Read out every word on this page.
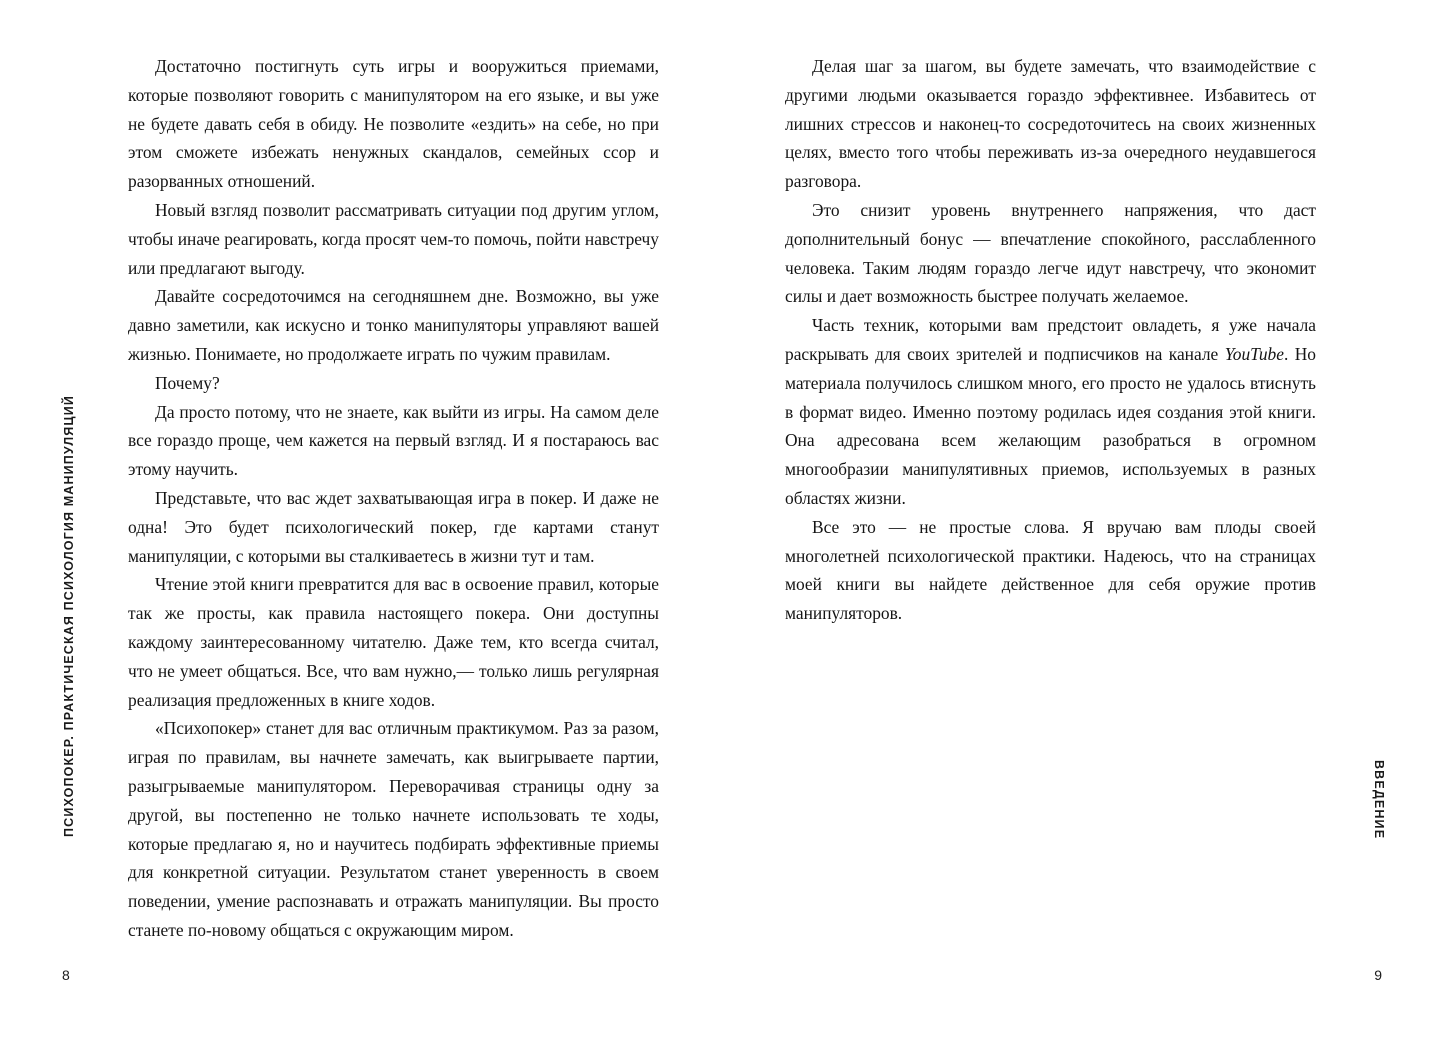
ПСИХОПОКЕР. ПРАКТИЧЕСКАЯ ПСИХОЛОГИЯ МАНИПУЛЯЦИЙ

Достаточно постигнуть суть игры и вооружиться приемами, которые позволяют говорить с манипулятором на его языке, и вы уже не будете давать себя в обиду. Не позволите «ездить» на себе, но при этом сможете избежать ненужных скандалов, семейных ссор и разорванных отношений.

Новый взгляд позволит рассматривать ситуации под другим углом, чтобы иначе реагировать, когда просят чем-то помочь, пойти навстречу или предлагают выгоду.

Давайте сосредоточимся на сегодняшнем дне. Возможно, вы уже давно заметили, как искусно и тонко манипуляторы управляют вашей жизнью. Понимаете, но продолжаете играть по чужим правилам.

Почему?

Да просто потому, что не знаете, как выйти из игры. На самом деле все гораздо проще, чем кажется на первый взгляд. И я постараюсь вас этому научить.

Представьте, что вас ждет захватывающая игра в покер. И даже не одна! Это будет психологический покер, где картами станут манипуляции, с которыми вы сталкиваетесь в жизни тут и там.

Чтение этой книги превратится для вас в освоение правил, которые так же просты, как правила настоящего покера. Они доступны каждому заинтересованному читателю. Даже тем, кто всегда считал, что не умеет общаться. Все, что вам нужно,— только лишь регулярная реализация предложенных в книге ходов.

«Психопокер» станет для вас отличным практикумом. Раз за разом, играя по правилам, вы начнете замечать, как выигрываете партии, разыгрываемые манипулятором. Переворачивая страницы одну за другой, вы постепенно не только начнете использовать те ходы, которые предлагаю я, но и научитесь подбирать эффективные приемы для конкретной ситуации. Результатом станет уверенность в своем поведении, умение распознавать и отражать манипуляции. Вы просто станете по-новому общаться с окружающим миром.

8
ВВЕДЕНИЕ

Делая шаг за шагом, вы будете замечать, что взаимодействие с другими людьми оказывается гораздо эффективнее. Избавитесь от лишних стрессов и наконец-то сосредоточитесь на своих жизненных целях, вместо того чтобы переживать из-за очередного неудавшегося разговора.

Это снизит уровень внутреннего напряжения, что даст дополнительный бонус — впечатление спокойного, расслабленного человека. Таким людям гораздо легче идут навстречу, что экономит силы и дает возможность быстрее получать желаемое.

Часть техник, которыми вам предстоит овладеть, я уже начала раскрывать для своих зрителей и подписчиков на канале YouTube. Но материала получилось слишком много, его просто не удалось втиснуть в формат видео. Именно поэтому родилась идея создания этой книги. Она адресована всем желающим разобраться в огромном многообразии манипулятивных приемов, используемых в разных областях жизни.

Все это — не простые слова. Я вручаю вам плоды своей многолетней психологической практики. Надеюсь, что на страницах моей книги вы найдете действенное для себя оружие против манипуляторов.

9
